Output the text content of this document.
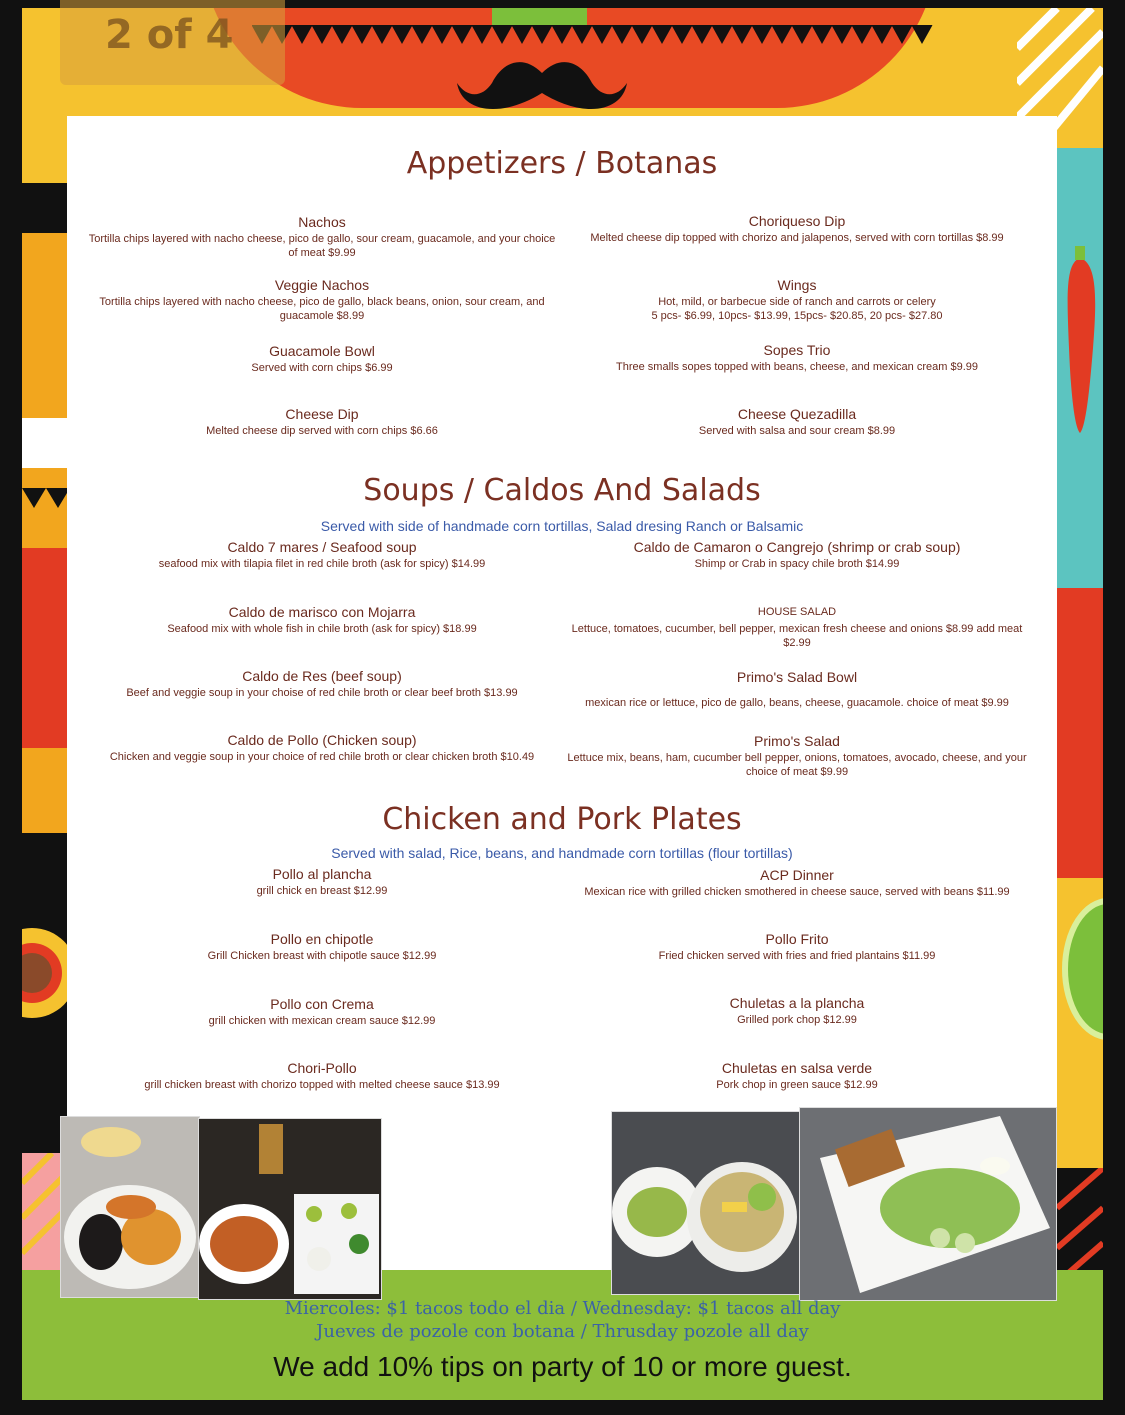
Appetizers / Botanas
Nachos
Tortilla chips layered with nacho cheese, pico de gallo, sour cream, guacamole, and your choice of meat $9.99
Choriqueso Dip
Melted cheese dip topped with chorizo and jalapenos, served with corn tortillas $8.99
Veggie Nachos
Tortilla chips layered with nacho cheese, pico de gallo, black beans, onion, sour cream, and guacamole $8.99
Wings
Hot, mild, or barbecue side of ranch and carrots or celery
5 pcs- $6.99, 10pcs- $13.99, 15pcs- $20.85, 20 pcs- $27.80
Guacamole Bowl
Served with corn chips $6.99
Sopes Trio
Three smalls sopes topped with beans, cheese, and mexican cream $9.99
Cheese Dip
Melted cheese dip served with corn chips $6.66
Cheese Quezadilla
Served with salsa and sour cream $8.99
Soups / Caldos And Salads
Served with side of handmade corn tortillas, Salad dresing Ranch or Balsamic
Caldo 7 mares / Seafood soup
seafood mix with tilapia filet in red chile broth (ask for spicy) $14.99
Caldo de Camaron o Cangrejo (shrimp or crab soup)
Shimp or Crab in spacy chile broth $14.99
Caldo de marisco con Mojarra
Seafood mix with whole fish in chile broth (ask for spicy) $18.99
HOUSE SALAD
Lettuce, tomatoes, cucumber, bell pepper, mexican fresh cheese and onions $8.99 add meat $2.99
Caldo de Res (beef soup)
Beef and veggie soup in your choise of red chile broth or clear beef broth $13.99
Primo's Salad Bowl
mexican rice or lettuce, pico de gallo, beans, cheese, guacamole. choice of meat $9.99
Caldo de Pollo (Chicken soup)
Chicken and veggie soup in your choice of red chile broth or clear chicken broth $10.49
Primo's Salad
Lettuce mix, beans, ham, cucumber bell pepper, onions, tomatoes, avocado, cheese, and your choice of meat $9.99
Chicken and Pork Plates
Served with salad, Rice, beans, and handmade corn tortillas (flour tortillas)
Pollo al plancha
grill chick en breast $12.99
ACP Dinner
Mexican rice with grilled chicken smothered in cheese sauce, served with beans $11.99
Pollo en chipotle
Grill Chicken breast with chipotle sauce $12.99
Pollo Frito
Fried chicken served with fries and fried plantains $11.99
Pollo con Crema
grill chicken with mexican cream sauce $12.99
Chuletas a la plancha
Grilled pork chop $12.99
Chori-Pollo
grill chicken breast with chorizo topped with melted cheese sauce $13.99
Chuletas en salsa verde
Pork chop in green sauce $12.99
Miercoles: $1 tacos todo el dia / Wednesday: $1 tacos all day
Jueves de pozole con botana / Thrusday pozole all day
We add 10% tips on party of 10 or more guest.
2 of 4
